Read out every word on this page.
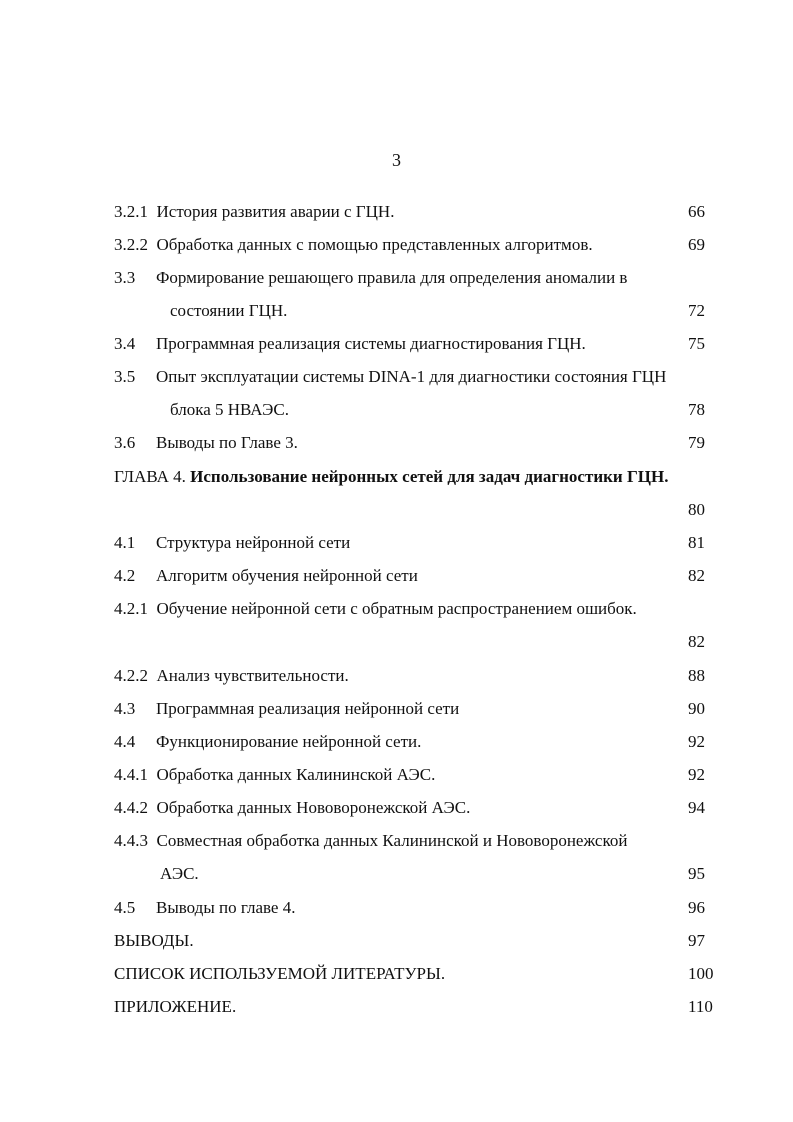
3
3.2.1 История развития аварии с ГЦН.	66
3.2.2 Обработка данных с помощью представленных алгоритмов.	69
3.3 Формирование решающего правила для определения аномалии в
состоянии ГЦН.	72
3.4 Программная реализация системы диагностирования ГЦН.	75
3.5 Опыт эксплуатации системы DINA-1 для диагностики состояния ГЦН
блока 5 НВАЭС.	78
3.6 Выводы по Главе 3.	79
ГЛАВА 4. Использование нейронных сетей для задач диагностики ГЦН.
80
4.1 Структура нейронной сети	81
4.2 Алгоритм обучения нейронной сети	82
4.2.1 Обучение нейронной сети с обратным распространением ошибок.
82
4.2.2 Анализ чувствительности.	88
4.3 Программная реализация нейронной сети	90
4.4 Функционирование нейронной сети.	92
4.4.1 Обработка данных Калининской АЭС.	92
4.4.2 Обработка данных Нововоронежской АЭС.	94
4.4.3 Совместная обработка данных Калининской и Нововоронежской
АЭС.	95
4.5 Выводы по главе 4.	96
ВЫВОДЫ.	97
СПИСОК ИСПОЛЬЗУЕМОЙ ЛИТЕРАТУРЫ.	100
ПРИЛОЖЕНИЕ.	110
